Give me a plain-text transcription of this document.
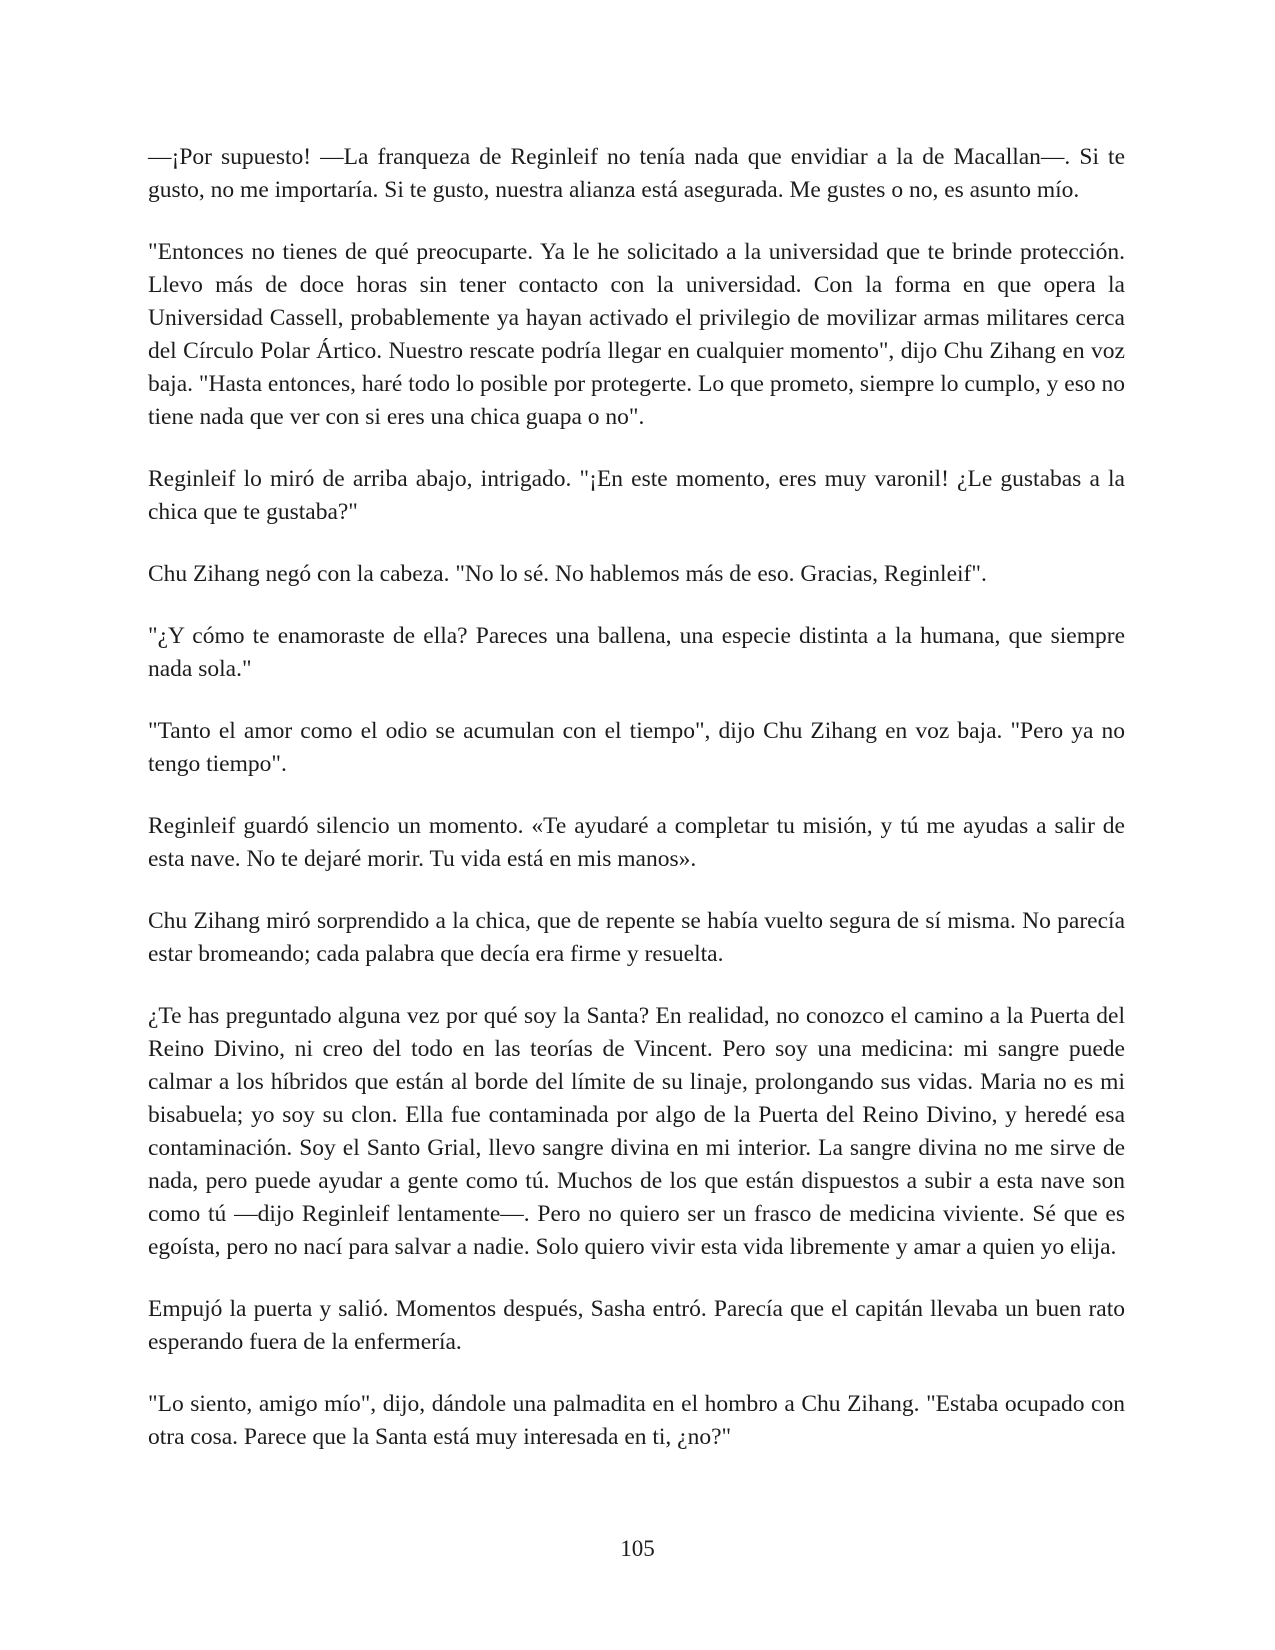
—¡Por supuesto! —La franqueza de Reginleif no tenía nada que envidiar a la de Macallan—. Si te gusto, no me importaría. Si te gusto, nuestra alianza está asegurada. Me gustes o no, es asunto mío.

"Entonces no tienes de qué preocuparte. Ya le he solicitado a la universidad que te brinde protección. Llevo más de doce horas sin tener contacto con la universidad. Con la forma en que opera la Universidad Cassell, probablemente ya hayan activado el privilegio de movilizar armas militares cerca del Círculo Polar Ártico. Nuestro rescate podría llegar en cualquier momento", dijo Chu Zihang en voz baja. "Hasta entonces, haré todo lo posible por protegerte. Lo que prometo, siempre lo cumplo, y eso no tiene nada que ver con si eres una chica guapa o no".

Reginleif lo miró de arriba abajo, intrigado. "¡En este momento, eres muy varonil! ¿Le gustabas a la chica que te gustaba?"

Chu Zihang negó con la cabeza. "No lo sé. No hablemos más de eso. Gracias, Reginleif".

"¿Y cómo te enamoraste de ella? Pareces una ballena, una especie distinta a la humana, que siempre nada sola."

"Tanto el amor como el odio se acumulan con el tiempo", dijo Chu Zihang en voz baja. "Pero ya no tengo tiempo".

Reginleif guardó silencio un momento. «Te ayudaré a completar tu misión, y tú me ayudas a salir de esta nave. No te dejaré morir. Tu vida está en mis manos».

Chu Zihang miró sorprendido a la chica, que de repente se había vuelto segura de sí misma. No parecía estar bromeando; cada palabra que decía era firme y resuelta.

¿Te has preguntado alguna vez por qué soy la Santa? En realidad, no conozco el camino a la Puerta del Reino Divino, ni creo del todo en las teorías de Vincent. Pero soy una medicina: mi sangre puede calmar a los híbridos que están al borde del límite de su linaje, prolongando sus vidas. Maria no es mi bisabuela; yo soy su clon. Ella fue contaminada por algo de la Puerta del Reino Divino, y heredé esa contaminación. Soy el Santo Grial, llevo sangre divina en mi interior. La sangre divina no me sirve de nada, pero puede ayudar a gente como tú. Muchos de los que están dispuestos a subir a esta nave son como tú —dijo Reginleif lentamente—. Pero no quiero ser un frasco de medicina viviente. Sé que es egoísta, pero no nací para salvar a nadie. Solo quiero vivir esta vida libremente y amar a quien yo elija.

Empujó la puerta y salió. Momentos después, Sasha entró. Parecía que el capitán llevaba un buen rato esperando fuera de la enfermería.

"Lo siento, amigo mío", dijo, dándole una palmadita en el hombro a Chu Zihang. "Estaba ocupado con otra cosa. Parece que la Santa está muy interesada en ti, ¿no?"

105
